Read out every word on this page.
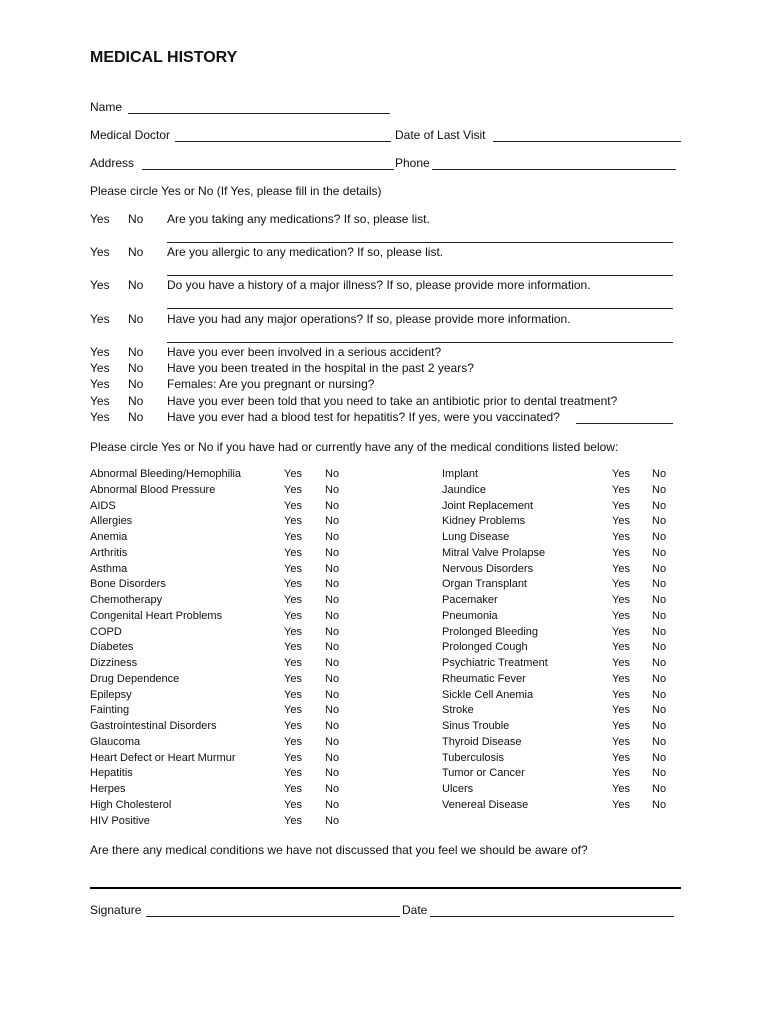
MEDICAL HISTORY
Name
Medical Doctor	Date of Last Visit
Address	Phone
Please circle Yes or No (If Yes, please fill in the details)
Yes No Are you taking any medications? If so, please list.
Yes No Are you allergic to any medication? If so, please list.
Yes No Do you have a history of a major illness? If so, please provide more information.
Yes No Have you had any major operations? If so, please provide more information.
Yes No Have you ever been involved in a serious accident?
Yes No Have you been treated in the hospital in the past 2 years?
Yes No Females: Are you pregnant or nursing?
Yes No Have you ever been told that you need to take an antibiotic prior to dental treatment?
Yes No Have you ever had a blood test for hepatitis? If yes, were you vaccinated?
Please circle Yes or No if you have had or currently have any of the medical conditions listed below:
Abnormal Bleeding/Hemophilia	Yes No
Abnormal Blood Pressure	Yes No
AIDS	Yes No
Allergies	Yes No
Anemia	Yes No
Arthritis	Yes No
Asthma	Yes No
Bone Disorders	Yes No
Chemotherapy	Yes No
Congenital Heart Problems	Yes No
COPD	Yes No
Diabetes	Yes No
Dizziness	Yes No
Drug Dependence	Yes No
Epilepsy	Yes No
Fainting	Yes No
Gastrointestinal Disorders	Yes No
Glaucoma	Yes No
Heart Defect or Heart Murmur	Yes No
Hepatitis	Yes No
Herpes	Yes No
High Cholesterol	Yes No
HIV Positive	Yes No
Implant	Yes No
Jaundice	Yes No
Joint Replacement	Yes No
Kidney Problems	Yes No
Lung Disease	Yes No
Mitral Valve Prolapse	Yes No
Nervous Disorders	Yes No
Organ Transplant	Yes No
Pacemaker	Yes No
Pneumonia	Yes No
Prolonged Bleeding	Yes No
Prolonged Cough	Yes No
Psychiatric Treatment	Yes No
Rheumatic Fever	Yes No
Sickle Cell Anemia	Yes No
Stroke	Yes No
Sinus Trouble	Yes No
Thyroid Disease	Yes No
Tuberculosis	Yes No
Tumor or Cancer	Yes No
Ulcers	Yes No
Venereal Disease	Yes No
Are there any medical conditions we have not discussed that you feel we should be aware of?
Signature	Date
